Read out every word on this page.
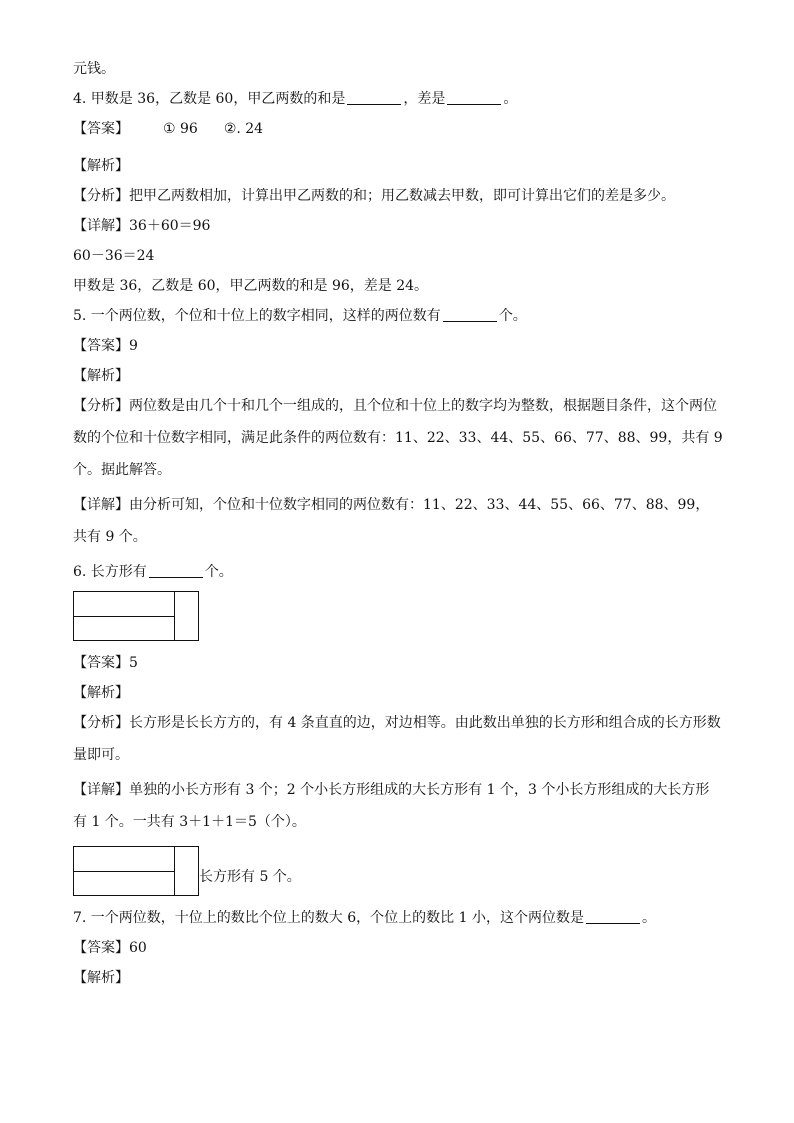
元钱。
4. 甲数是 36，乙数是 60，甲乙两数的和是	，差是	。
【答案】 ① 96 ②. 24
【解析】
【分析】把甲乙两数相加，计算出甲乙两数的和；用乙数减去甲数，即可计算出它们的差是多少。
【详解】36＋60＝96
60－36＝24
甲数是 36，乙数是 60，甲乙两数的和是 96，差是 24。
5. 一个两位数，个位和十位上的数字相同，这样的两位数有	个。
【答案】9
【解析】
【分析】两位数是由几个十和几个一组成的，且个位和十位上的数字均为整数，根据题目条件，这个两位数的个位和十位数字相同，满足此条件的两位数有：11、22、33、44、55、66、77、88、99，共有 9 个。据此解答。
【详解】由分析可知，个位和十位数字相同的两位数有：11、22、33、44、55、66、77、88、99，共有 9 个。
6. 长方形有	个。
【答案】5
【解析】
【分析】长方形是长长方方的，有 4 条直直的边，对边相等。由此数出单独的长方形和组合成的长方形数量即可。
【详解】单独的小长方形有 3 个；2 个小长方形组成的大长方形有 1 个，3 个小长方形组成的大长方形有 1 个。一共有 3＋1＋1＝5（个）。
长方形有 5 个。
7. 一个两位数，十位上的数比个位上的数大 6，个位上的数比 1 小，这个两位数是	。
【答案】60
【解析】
